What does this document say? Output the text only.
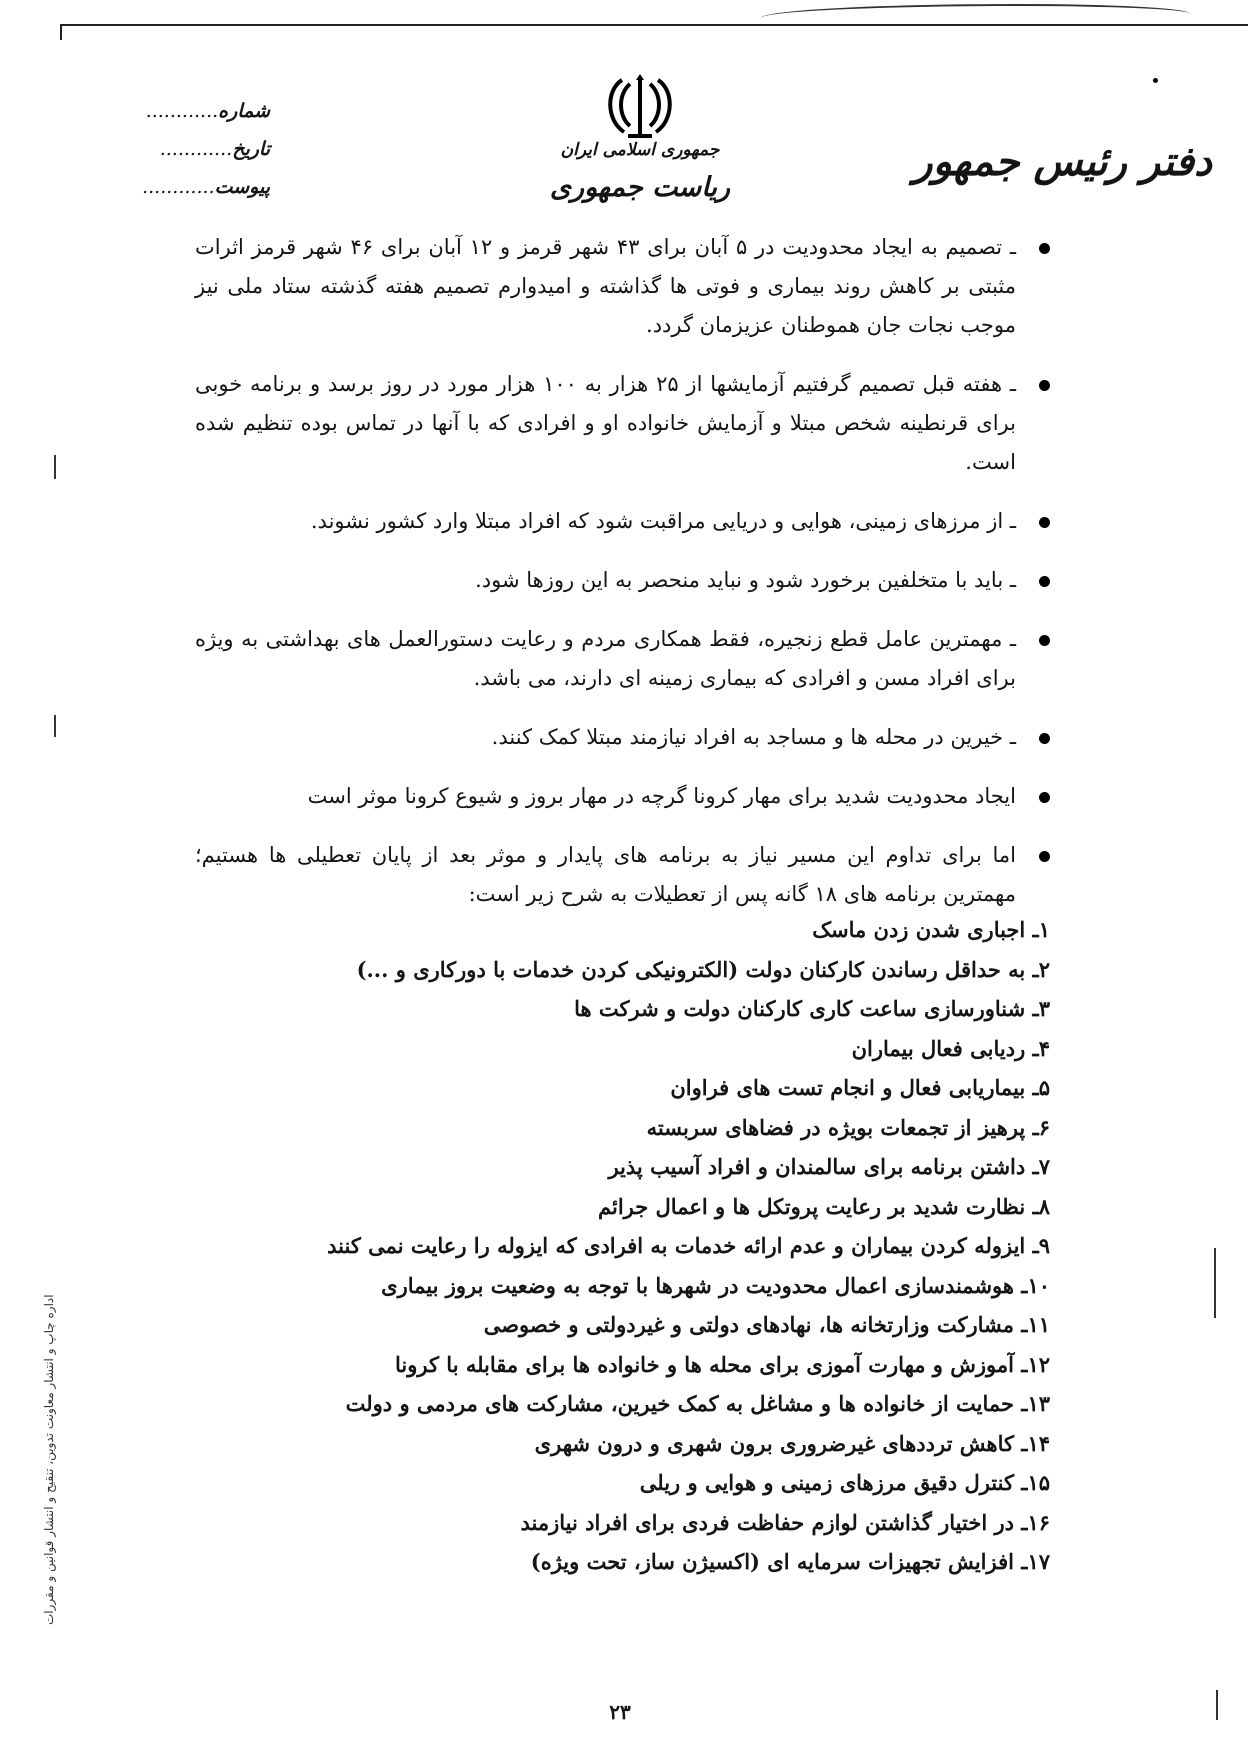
جمهوری اسلامی ایران
ریاست جمهوری
دفتر رئیس جمهور
شماره............
تاریخ............
پیوست............
ـ تصمیم به ایجاد محدودیت در ۵ آبان برای ۴۳ شهر قرمز و ۱۲ آبان برای ۴۶ شهر قرمز اثرات مثبتی بر کاهش روند بیماری و فوتی ها گذاشته و امیدوارم تصمیم هفته گذشته ستاد ملی نیز موجب نجات جان هموطنان عزیزمان گردد.
ـ هفته قبل تصمیم گرفتیم آزمایشها از ۲۵ هزار به ۱۰۰ هزار مورد در روز برسد و برنامه خوبی برای قرنطینه شخص مبتلا و آزمایش خانواده او و افرادی که با آنها در تماس بوده تنظیم شده است.
ـ از مرزهای زمینی، هوایی و دریایی مراقبت شود که افراد مبتلا وارد کشور نشوند.
ـ باید با متخلفین برخورد شود و نباید منحصر به این روزها شود.
ـ مهمترین عامل قطع زنجیره، فقط همکاری مردم و رعایت دستورالعمل های بهداشتی به ویژه برای افراد مسن و افرادی که بیماری زمینه ای دارند، می باشد.
ـ خیرین در محله ها و مساجد به افراد نیازمند مبتلا کمک کنند.
ایجاد محدودیت شدید برای مهار کرونا گرچه در مهار بروز و شیوع کرونا موثر است
اما برای تداوم این مسیر نیاز به برنامه های پایدار و موثر بعد از پایان تعطیلی ها هستیم؛ مهمترین برنامه های ۱۸ گانه پس از تعطیلات به شرح زیر است:
۱ـ اجباری شدن زدن ماسک
۲ـ به حداقل رساندن کارکنان دولت (الکترونیکی کردن خدمات با دورکاری و ...)
۳ـ شناورسازی ساعت کاری کارکنان دولت و شرکت ها
۴ـ ردیابی فعال بیماران
۵ـ بیماریابی فعال و انجام تست های فراوان
۶ـ پرهیز از تجمعات بویژه در فضاهای سربسته
۷ـ داشتن برنامه برای سالمندان و افراد آسیب پذیر
۸ـ نظارت شدید بر رعایت پروتکل ها و اعمال جرائم
۹ـ ایزوله کردن بیماران و عدم ارائه خدمات به افرادی که ایزوله را رعایت نمی کنند
۱۰ـ هوشمندسازی اعمال محدودیت در شهرها با توجه به وضعیت بروز بیماری
۱۱ـ مشارکت وزارتخانه ها، نهادهای دولتی و غیردولتی و خصوصی
۱۲ـ آموزش و مهارت آموزی برای محله ها و خانواده ها برای مقابله با کرونا
۱۳ـ حمایت از خانواده ها و مشاغل به کمک خیرین، مشارکت های مردمی و دولت
۱۴ـ کاهش ترددهای غیرضروری برون شهری و درون شهری
۱۵ـ کنترل دقیق مرزهای زمینی و هوایی و ریلی
۱۶ـ در اختیار گذاشتن لوازم حفاظت فردی برای افراد نیازمند
۱۷ـ افزایش تجهیزات سرمایه ای (اکسیژن ساز، تحت ویژه)
۲۳
اداره چاپ و انتشار معاونت تدوین، تنقیح و انتشار قوانین و مقررات
